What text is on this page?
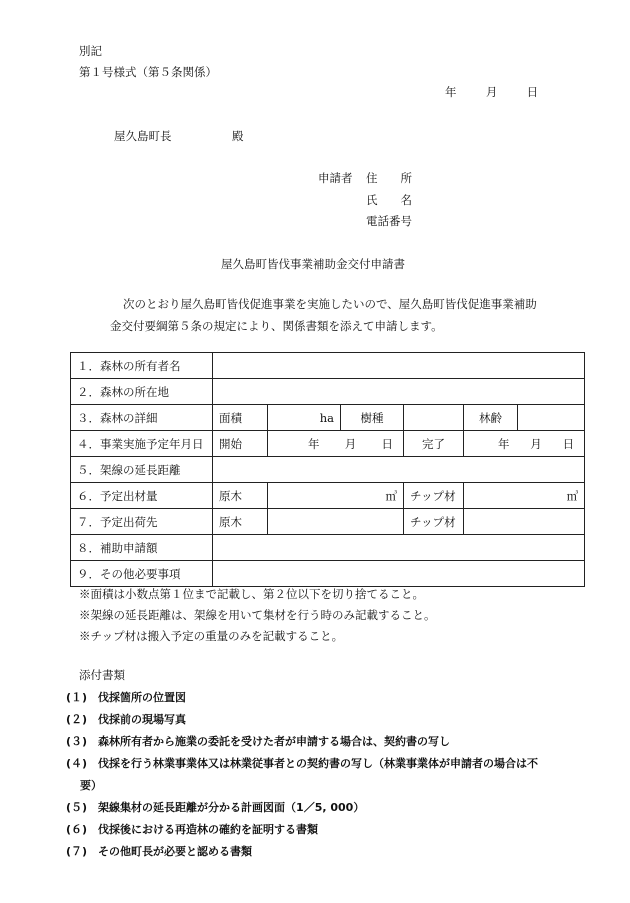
別記
第１号様式（第５条関係）
年	月	日
屋久島町長	殿
申請者 住　　所
氏　　名
電話番号
屋久島町皆伐事業補助金交付申請書
次のとおり屋久島町皆伐促進事業を実施したいので、屋久島町皆伐促進事業補助
金交付要綱第５条の規定により、関係書類を添えて申請します。
１．森林の所有者名						
２．森林の所在地						
３．森林の詳細	面積	ha	樹種		林齢	
４．事業実施予定年月日	開始	年 月 日		完了	年 月 日	

５．架線の延長距離						
６．予定出材量	原木	㎥		チップ材	㎥	
７．予定出荷先	原木			チップ材		
８．補助申請額						
９．その他必要事項						
※面積は小数点第１位まで記載し、第２位以下を切り捨てること。
※架線の延長距離は、架線を用いて集材を行う時のみ記載すること。
※チップ材は搬入予定の重量のみを記載すること。
添付書類
(１)　伐採箇所の位置図
(２)　伐採前の現場写真
(３)　森林所有者から施業の委託を受けた者が申請する場合は、契約書の写し
(４)　伐採を行う林業事業体又は林業従事者との契約書の写し（林業事業体が申請者の場合は不
要）
(５)　架線集材の延長距離が分かる計画図面（1／5, 000）
(６)　伐採後における再造林の確約を証明する書類
(７)　その他町長が必要と認める書類
